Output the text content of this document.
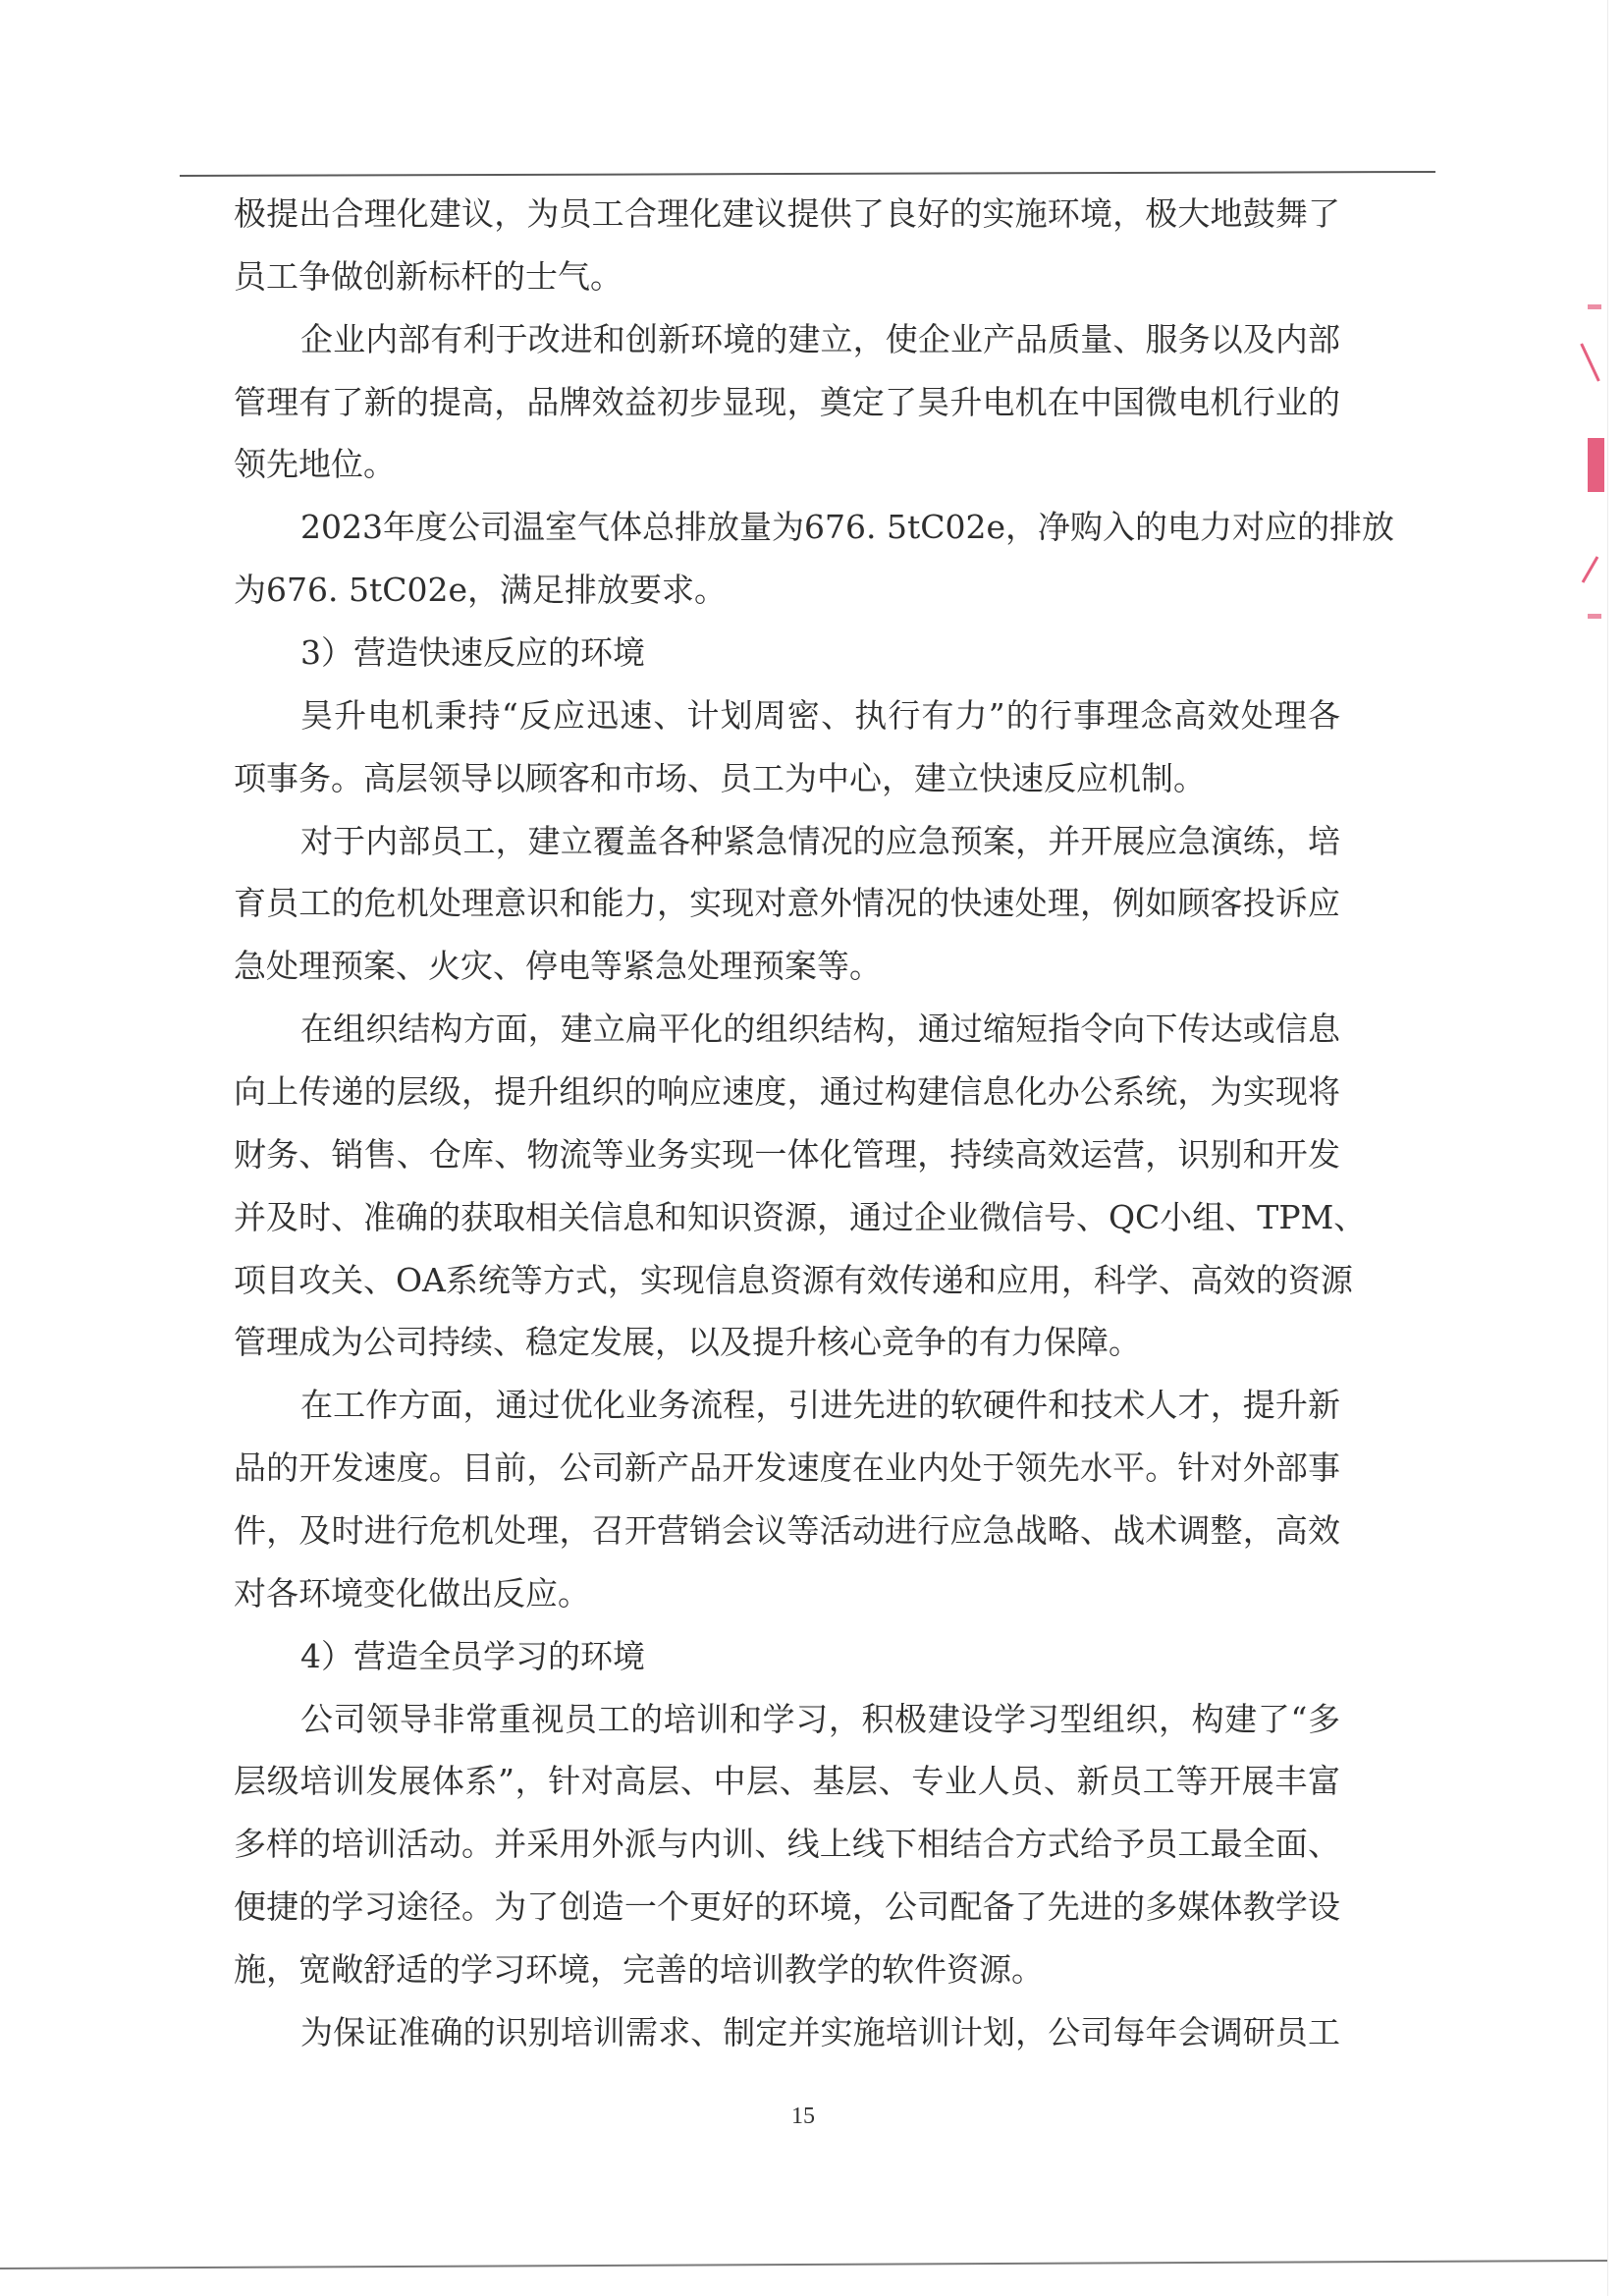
极提出合理化建议，为员工合理化建议提供了良好的实施环境，极大地鼓舞了
员工争做创新标杆的士气。
企业内部有利于改进和创新环境的建立，使企业产品质量、服务以及内部
管理有了新的提高，品牌效益初步显现，奠定了昊升电机在中国微电机行业的
领先地位。
2023年度公司温室气体总排放量为676. 5tC02e，净购入的电力对应的排放
为676. 5tC02e，满足排放要求。
3）营造快速反应的环境
昊升电机秉持“反应迅速、计划周密、执行有力”的行事理念高效处理各
项事务。高层领导以顾客和市场、员工为中心，建立快速反应机制。
对于内部员工，建立覆盖各种紧急情况的应急预案，并开展应急演练，培
育员工的危机处理意识和能力，实现对意外情况的快速处理，例如顾客投诉应
急处理预案、火灾、停电等紧急处理预案等。
在组织结构方面，建立扁平化的组织结构，通过缩短指令向下传达或信息
向上传递的层级，提升组织的响应速度，通过构建信息化办公系统，为实现将
财务、销售、仓库、物流等业务实现一体化管理，持续高效运营，识别和开发
并及时、准确的获取相关信息和知识资源，通过企业微信号、QC小组、TPM、
项目攻关、OA系统等方式，实现信息资源有效传递和应用，科学、高效的资源
管理成为公司持续、稳定发展，以及提升核心竞争的有力保障。
在工作方面，通过优化业务流程，引进先进的软硬件和技术人才，提升新
品的开发速度。目前，公司新产品开发速度在业内处于领先水平。针对外部事
件，及时进行危机处理，召开营销会议等活动进行应急战略、战术调整，高效
对各环境变化做出反应。
4）营造全员学习的环境
公司领导非常重视员工的培训和学习，积极建设学习型组织，构建了“多
层级培训发展体系”，针对高层、中层、基层、专业人员、新员工等开展丰富
多样的培训活动。并采用外派与内训、线上线下相结合方式给予员工最全面、
便捷的学习途径。为了创造一个更好的环境，公司配备了先进的多媒体教学设
施，宽敞舒适的学习环境，完善的培训教学的软件资源。
为保证准确的识别培训需求、制定并实施培训计划，公司每年会调研员工
15
